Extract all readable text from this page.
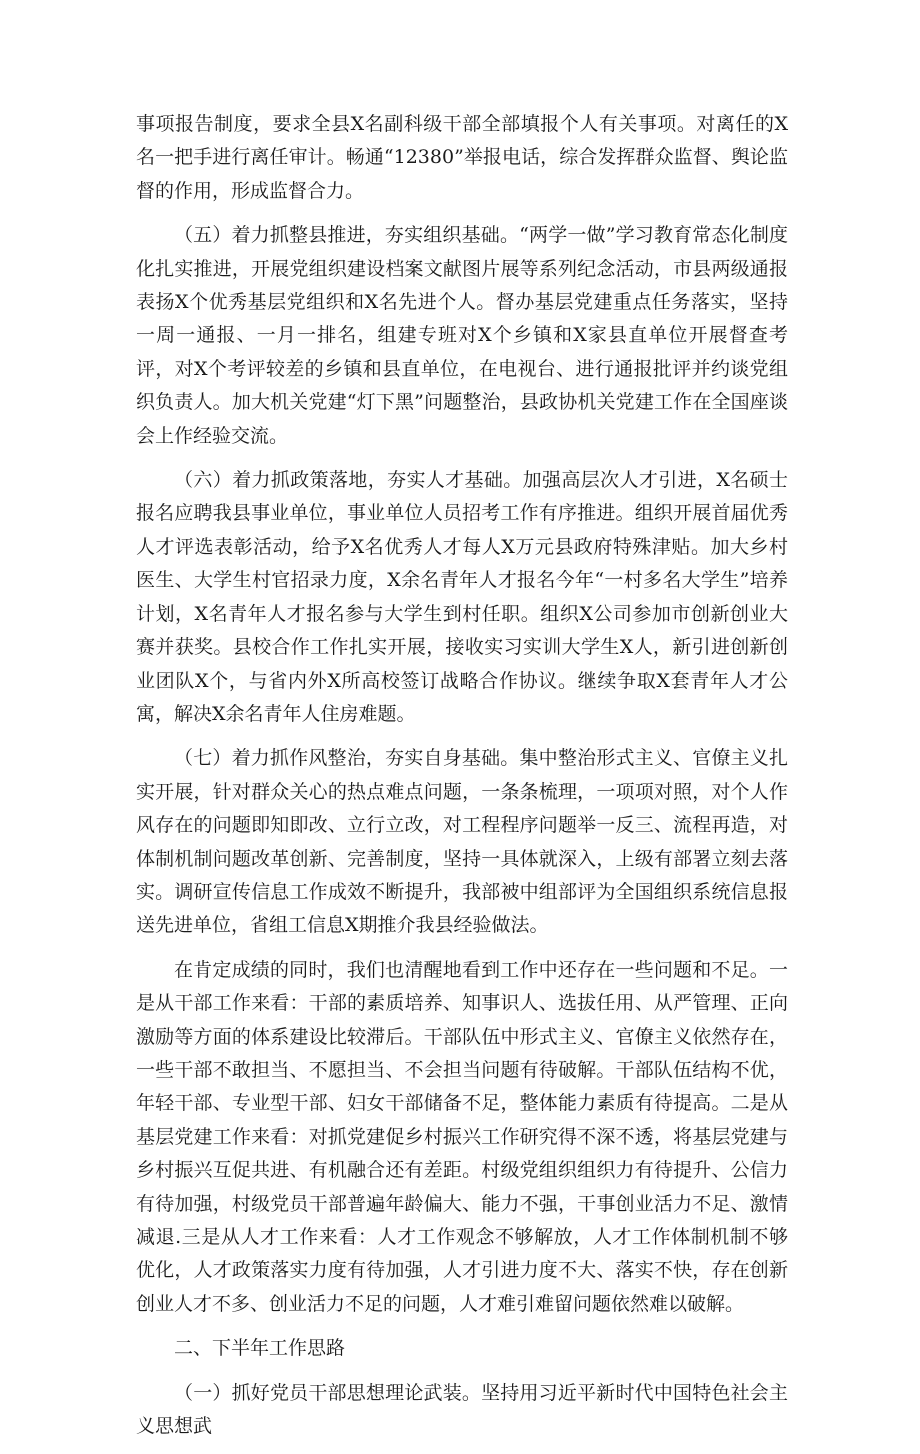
事项报告制度，要求全县X名副科级干部全部填报个人有关事项。对离任的X名一把手进行离任审计。畅通“12380”举报电话，综合发挥群众监督、舆论监督的作用，形成监督合力。

（五）着力抓整县推进，夯实组织基础。“两学一做”学习教育常态化制度化扎实推进，开展党组织建设档案文献图片展等系列纪念活动，市县两级通报表扬X个优秀基层党组织和X名先进个人。督办基层党建重点任务落实，坚持一周一通报、一月一排名，组建专班对X个乡镇和X家县直单位开展督查考评，对X个考评较差的乡镇和县直单位，在电视台、进行通报批评并约谈党组织负责人。加大机关党建“灯下黑”问题整治，县政协机关党建工作在全国座谈会上作经验交流。

（六）着力抓政策落地，夯实人才基础。加强高层次人才引进，X名硕士报名应聘我县事业单位，事业单位人员招考工作有序推进。组织开展首届优秀人才评选表彰活动，给予X名优秀人才每人X万元县政府特殊津贴。加大乡村医生、大学生村官招录力度，X余名青年人才报名今年“一村多名大学生”培养计划，X名青年人才报名参与大学生到村任职。组织X公司参加市创新创业大赛并获奖。县校合作工作扎实开展，接收实习实训大学生X人，新引进创新创业团队X个，与省内外X所高校签订战略合作协议。继续争取X套青年人才公寓，解决X余名青年人住房难题。

（七）着力抓作风整治，夯实自身基础。集中整治形式主义、官僚主义扎实开展，针对群众关心的热点难点问题，一条条梳理，一项项对照，对个人作风存在的问题即知即改、立行立改，对工程程序问题举一反三、流程再造，对体制机制问题改革创新、完善制度，坚持一具体就深入，上级有部署立刻去落实。调研宣传信息工作成效不断提升，我部被中组部评为全国组织系统信息报送先进单位，省组工信息X期推介我县经验做法。

在肯定成绩的同时，我们也清醒地看到工作中还存在一些问题和不足。一是从干部工作来看：干部的素质培养、知事识人、选拔任用、从严管理、正向激励等方面的体系建设比较滞后。干部队伍中形式主义、官僚主义依然存在，一些干部不敢担当、不愿担当、不会担当问题有待破解。干部队伍结构不优，年轻干部、专业型干部、妇女干部储备不足，整体能力素质有待提高。二是从基层党建工作来看：对抓党建促乡村振兴工作研究得不深不透，将基层党建与乡村振兴互促共进、有机融合还有差距。村级党组织组织力有待提升、公信力有待加强，村级党员干部普遍年龄偏大、能力不强，干事创业活力不足、激情减退.三是从人才工作来看：人才工作观念不够解放，人才工作体制机制不够优化，人才政策落实力度有待加强，人才引进力度不大、落实不快，存在创新创业人才不多、创业活力不足的问题，人才难引难留问题依然难以破解。

二、下半年工作思路

（一）抓好党员干部思想理论武装。坚持用习近平新时代中国特色社会主义思想武
